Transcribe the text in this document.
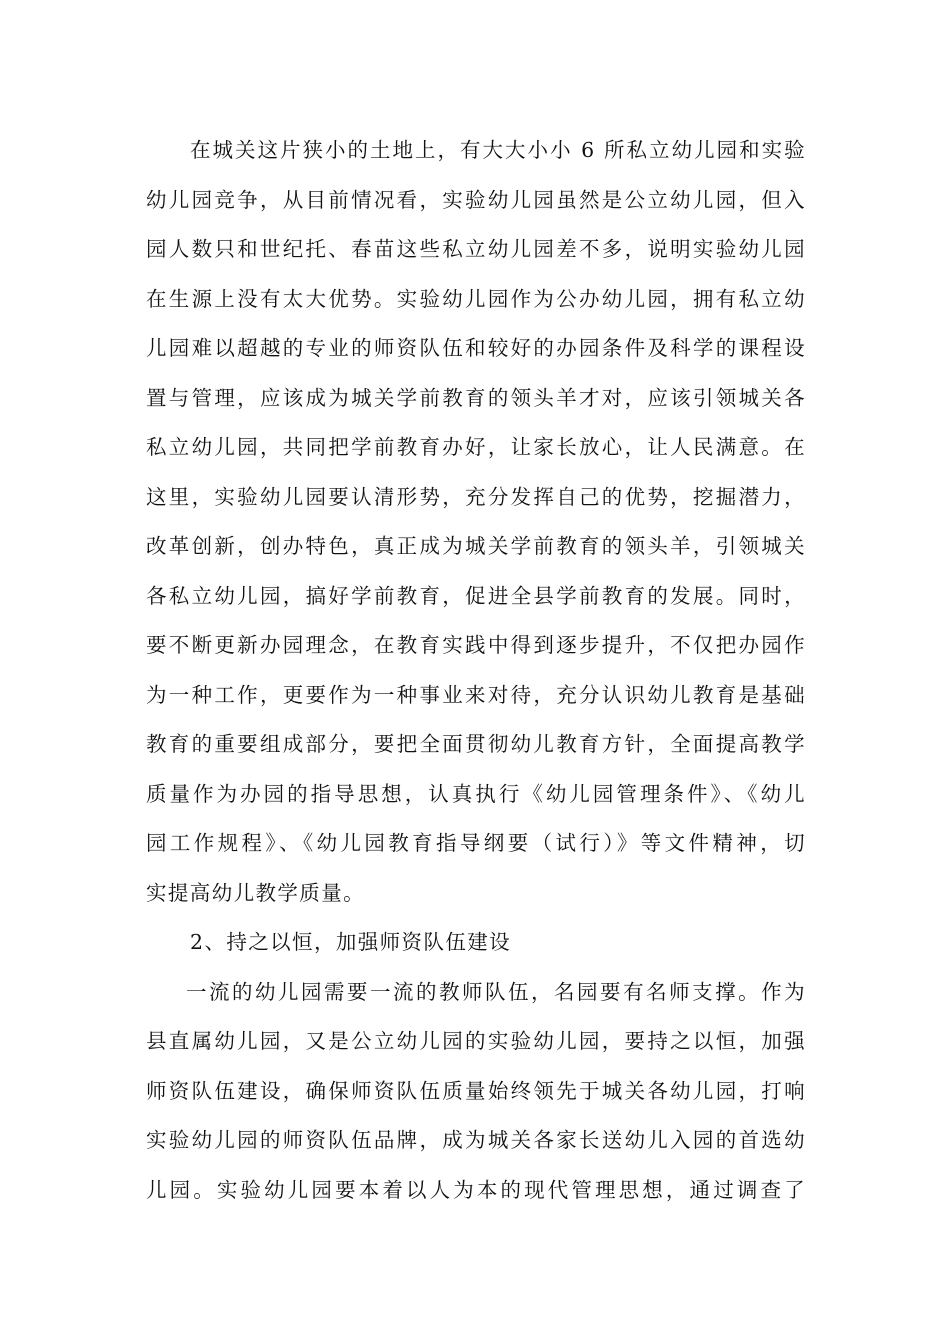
在城关这片狭小的土地上，有大大小小 6 所私立幼儿园和实验
幼儿园竞争，从目前情况看，实验幼儿园虽然是公立幼儿园，但入
园人数只和世纪托、春苗这些私立幼儿园差不多，说明实验幼儿园
在生源上没有太大优势。实验幼儿园作为公办幼儿园，拥有私立幼
儿园难以超越的专业的师资队伍和较好的办园条件及科学的课程设
置与管理，应该成为城关学前教育的领头羊才对，应该引领城关各
私立幼儿园，共同把学前教育办好，让家长放心，让人民满意。在
这里，实验幼儿园要认清形势，充分发挥自己的优势，挖掘潜力，
改革创新，创办特色，真正成为城关学前教育的领头羊，引领城关
各私立幼儿园，搞好学前教育，促进全县学前教育的发展。同时，
要不断更新办园理念，在教育实践中得到逐步提升，不仅把办园作
为一种工作，更要作为一种事业来对待，充分认识幼儿教育是基础
教育的重要组成部分，要把全面贯彻幼儿教育方针，全面提高教学
质量作为办园的指导思想，认真执行《幼儿园管理条件》、《幼儿
园工作规程》、《幼儿园教育指导纲要（试行）》等文件精神，切
实提高幼儿教学质量。
2、持之以恒，加强师资队伍建设
一流的幼儿园需要一流的教师队伍，名园要有名师支撑。作为
县直属幼儿园，又是公立幼儿园的实验幼儿园，要持之以恒，加强
师资队伍建设，确保师资队伍质量始终领先于城关各幼儿园，打响
实验幼儿园的师资队伍品牌，成为城关各家长送幼儿入园的首选幼
儿园。实验幼儿园要本着以人为本的现代管理思想，通过调查了
